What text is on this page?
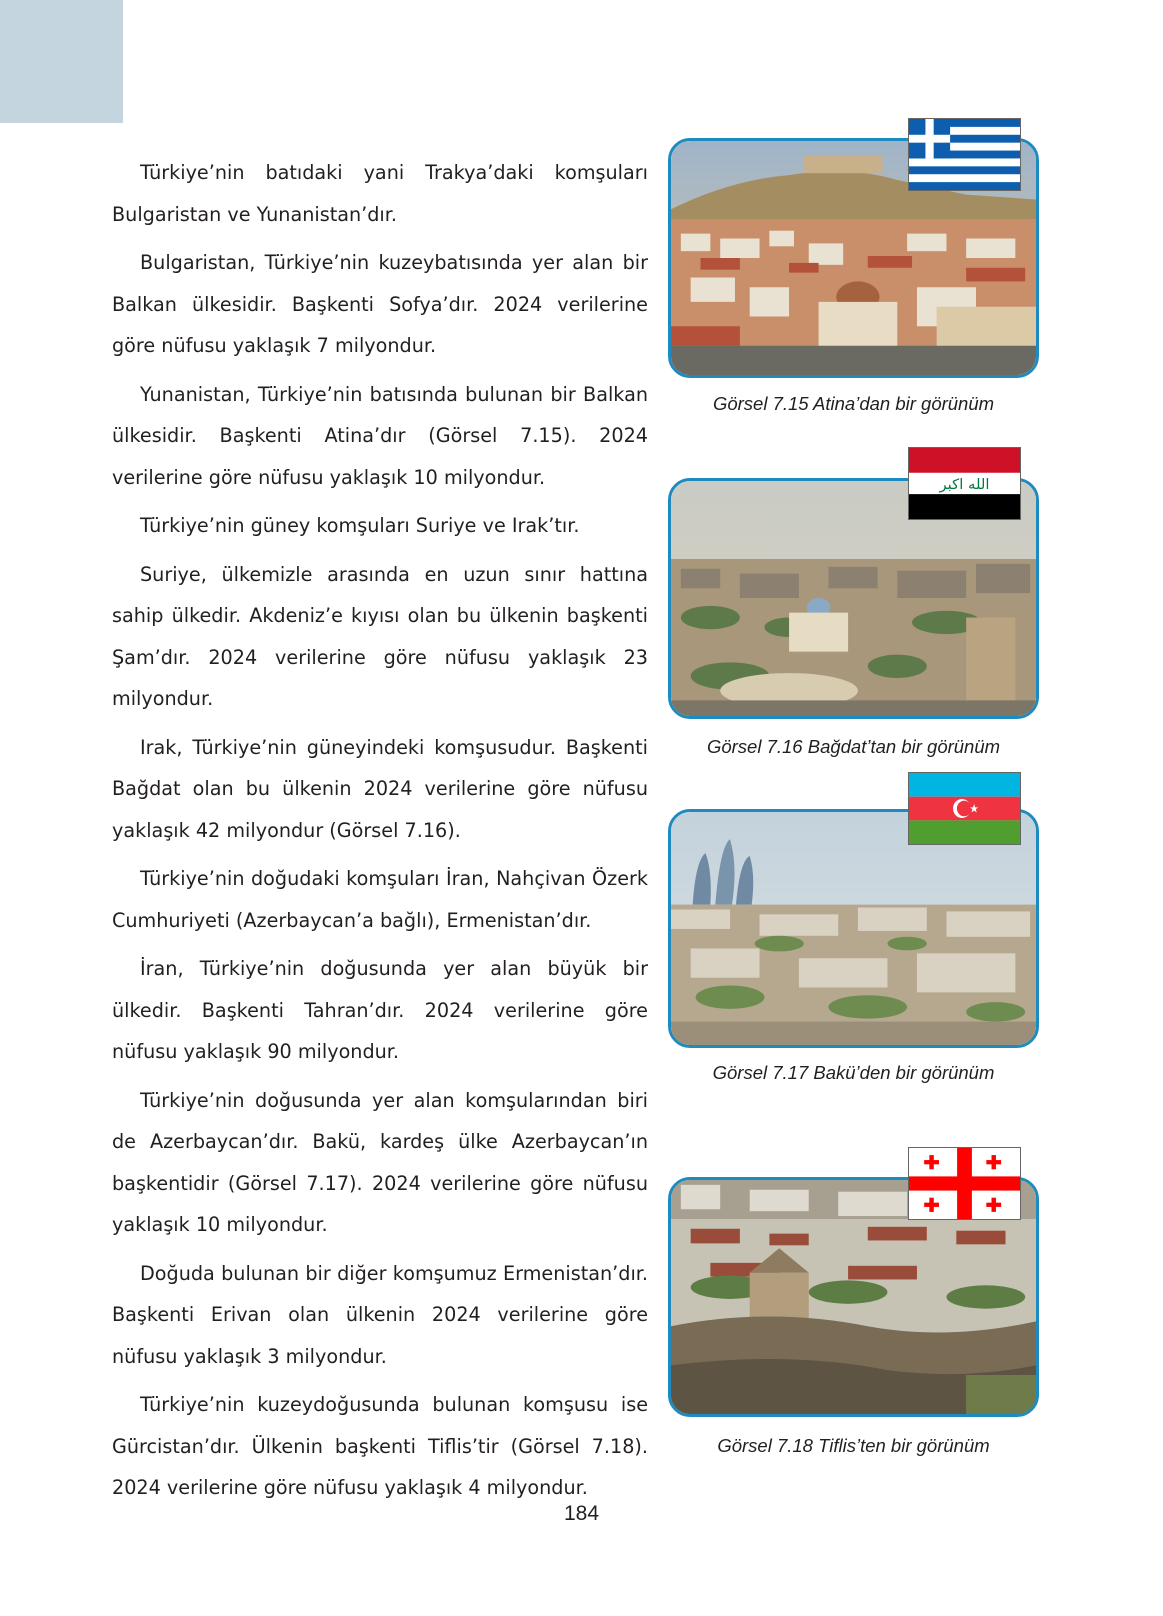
Türkiye’nin batıdaki yani Trakya’daki komşuları Bulgaristan ve Yunanistan’dır.

Bulgaristan, Türkiye’nin kuzeybatısında yer alan bir Balkan ülkesidir. Başkenti Sofya’dır. 2024 verilerine göre nüfusu yaklaşık 7 milyondur.

Yunanistan, Türkiye’nin batısında bulunan bir Balkan ülkesidir. Başkenti Atina’dır (Görsel 7.15). 2024 verilerine göre nüfusu yaklaşık 10 milyondur.

Türkiye’nin güney komşuları Suriye ve Irak’tır.

Suriye, ülkemizle arasında en uzun sınır hattına sahip ülkedir. Akdeniz’e kıyısı olan bu ülkenin başkenti Şam’dır. 2024 verilerine göre nüfusu yaklaşık 23 milyondur.

Irak, Türkiye’nin güneyindeki komşusudur. Başkenti Bağdat olan bu ülkenin 2024 verilerine göre nüfusu yaklaşık 42 milyondur (Görsel 7.16).

Türkiye’nin doğudaki komşuları İran, Nahçivan Özerk Cumhuriyeti (Azerbaycan’a bağlı), Ermenistan’dır.

İran, Türkiye’nin doğusunda yer alan büyük bir ülkedir. Başkenti Tahran’dır. 2024 verilerine göre nüfusu yaklaşık 90 milyondur.

Türkiye’nin doğusunda yer alan komşularından biri de Azerbaycan’dır. Bakü, kardeş ülke Azerbaycan’ın başkentidir (Görsel 7.17). 2024 verilerine göre nüfusu yaklaşık 10 milyondur.

Doğuda bulunan bir diğer komşumuz Ermenistan’dır. Başkenti Erivan olan ülkenin 2024 verilerine göre nüfusu yaklaşık 3 milyondur.

Türkiye’nin kuzeydoğusunda bulunan komşusu ise Gürcistan’dır. Ülkenin başkenti Tiflis’tir (Görsel 7.18). 2024 verilerine göre nüfusu yaklaşık 4 milyondur.

Görsel 7.15 Atina’dan bir görünüm
الله اكبر
Görsel 7.16 Bağdat’tan bir görünüm
Görsel 7.17 Bakü’den bir görünüm
Görsel 7.18 Tiflis’ten bir görünüm
184
